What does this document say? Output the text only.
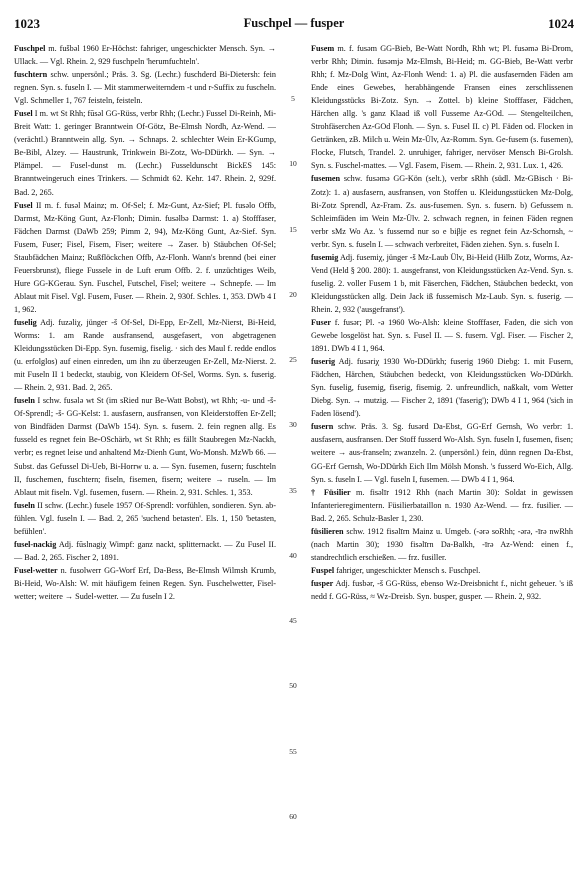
1023	Fuschpel — fusper	1024
Fuschpel m. fušbəl 1960 Er-Höchst: fahriger, ungeschickter Mensch. Syn. → Ullack. — Vgl. Rhein. 2, 929 fuschpeln 'herumfuchteln'.
fuschtern schw. unpersönl.; Präs. 3. Sg. (Lechr.) fuschderd Bi-Dietersh: fein regnen. Syn. s. fuseln I. — Mit stammerweiterndem -t und r-Suffix zu fuscheln. Vgl. Schmeller 1, 767 feisteln, feisteln.
Fusel I m. wt St Rhh; fūsəl GG-Rüss, verbr Rhh; (Lechr.) Fussel Di-Reinh, Mi-Breit Watt: 1. geringer Branntwein Of-Götz, Be-Elmsh Nordh, Az-Wend. — (verächtl.) Branntwein allg. Syn. → Schnaps. 2. schlechter Wein Er-KGump, Be-Bibl, Alzey. — Haustrunk, Trinkwein Bi-Zotz, Wo-DDürkh. — Syn. → Plämpel. — Fusel-dunst m. (Lechr.) Fusseldunscht BickES 145: Branntweingeruch eines Trinkers. — Schmidt 62. Kehr. 147. Rhein. 2, 929f. Bad. 2, 265.
Fusel II m. f. fusəl Mainz; m. Of-Sel; f. Mz-Gunt, Az-Sief; Pl. fusəlo Offb, Darmst, Mz-Köng Gunt, Az-Flonh; Dimin. fusəlbə Darmst: 1. a) Stofffaser, Fädchen Darmst (DaWb 259; Pimm 2, 94), Mz-Köng Gunt, Az-Sief. Syn. Fusem, Fuser; Fisel, Fisem, Fiser; weitere → Zaser. b) Stäubchen Of-Sel; Staubfädchen Mainz; Rußflöckchen Offb, Az-Flonh. Wann's brennd (bei einer Feuersbrunst), fliege Fussele in de Luft erum Offb. 2. f. unzüchtiges Weib, Hure GG-KGerau. Syn. Fuschel, Futschel, Fisel; weitere → Schnepfe. — Im Ablaut mit Fisel. Vgl. Fusem, Fuser. — Rhein. 2, 930f. Schles. 1, 353. DWb 4 I 1, 962.
fuselig Adj. fuzəliχ, jünger -š Of-Sel, Di-Epp, Er-Zell, Mz-Nierst, Bi-Heid, Worms: 1. am Rande ausfransend, ausgefasert, von abgetragenen Kleidungsstücken Di-Epp. Syn. fusemig, fiselig. · sich des Maul f. redde endlos (u. erfolglos) auf einen einreden, um ihn zu überzeugen Er-Zell, Mz-Nierst. 2. mit Fuseln II 1 bedeckt, staubig, von Kleidern Of-Sel, Worms. Syn. s. fuserig. — Rhein. 2, 931. Bad. 2, 265.
fuseln I schw. fusələ wt St (im sRied nur Be-Watt Bobst), wt Rhh; -u- und -š- Of-Sprendl; -š- GG-Kelst: 1. ausfasern, ausfransen, von Kleiderstoffen Er-Zell; von Bindfäden Darmst (DaWb 154). Syn. s. fusern. 2. fein regnen allg. Es fusseld es regnet fein Be-OSchärb, wt St Rhh; es fällt Staubregen Mz-Nackh, verbr; es regnet leise und anhaltend Mz-Dienh Gunt, Wo-Monsh. MzWb 66. — Subst. das Gefussel Di-Ueb, Bi-Horrw u. a. — Syn. fusemen, fusern; fuschteln II, fuschemen, fuschtern; fiseln, fisemen, fisern; weitere → ruseln. — Im Ablaut mit fiseln. Vgl. fusemen, fusern. — Rhein. 2, 931. Schles. 1, 353.
fuseln II schw. (Lechr.) fusele 1957 Of-Sprendl: vorfühlen, sondieren. Syn. ab-fühlen. Vgl. fuseln I. — Bad. 2, 265 'suchend betasten'. Els. 1, 150 'betasten, befühlen'.
fusel-nackig Adj. fūslnagiχ Wimpf: ganz nackt, splitternackt. — Zu Fusel II. — Bad. 2, 265. Fischer 2, 1891.
Fusel-wetter n. fusolwerr GG-Worf Erf, Da-Bess, Be-Elmsh Wilmsh Krumb, Bi-Heid, Wo-Alsh: W. mit häufigem feinen Regen. Syn. Fuschelwetter, Fisel-wetter; weitere → Sudel-wetter. — Zu fuseln I 2.
5
10
15
20
25
30
35
40
45
50
55
60
Fusem m. f. fusəm GG-Bieb, Be-Watt Nordh, Rhh wt; Pl. fusəmə Bi-Drom, verbr Rhh; Dimin. fusəmjə Mz-Elmsh, Bi-Heid; m. GG-Bieb, Be-Watt verbr Rhh; f. Mz-Dolg Wint, Az-Flonh Wend: 1. a) Pl. die ausfasernden Fäden am Ende eines Gewebes, herabhängende Fransen eines zerschlissenen Kleidungsstücks Bi-Zotz. Syn. → Zottel. b) kleine Stofffaser, Fädchen, Härchen allg. 's ganz Klaad iß voll Fusseme Az-GOd. — Stengelteilchen, Strohfäserchen Az-GOd Flonh. — Syn. s. Fusel II. c) Pl. Fäden od. Flocken in Getränken, zB. Milch u. Wein Mz-Ülv, Az-Romm. Syn. Ge-fusem (s. fusemen), Flocke, Flutsch, Trandel. 2. unruhiger, fahriger, nervöser Mensch Bi-Grolsh. Syn. s. Fuschel-mattes. — Vgl. Fasem, Fisem. — Rhein. 2, 931. Lux. 1, 426.
fusemen schw. fusəmə GG-Kön (selt.), verbr sRhh (südl. Mz-GBisch · Bi-Zotz): 1. a) ausfasern, ausfransen, von Stoffen u. Kleidungsstücken Mz-Dolg, Bi-Zotz Sprendl, Az-Fram. Zs. aus-fusemen. Syn. s. fusern. b) Gefussem n. Schleimfäden im Wein Mz-Ülv. 2. schwach regnen, in feinen Fäden regnen verbr sMz Wo Az. 's fussemd nur so e biβje es regnet fein Az-Schornsh, ~ verbr. Syn. s. fuseln I. — schwach verbreitet, Fäden ziehen. Syn. s. fuseln I.
fusemig Adj. fusemiχ, jünger -š Mz-Laub Ülv, Bi-Heid (Hilb Zotz, Worms, Az-Vend (Held § 200. 280): 1. ausgefranst, von Kleidungsstücken Az-Vend. Syn. s. fuselig. 2. voller Fusem 1 b, mit Fäserchen, Fädchen, Stäubchen bedeckt, von Kleidungsstücken allg. Dein Jack iß fussemisch Mz-Laub. Syn. s. fuserig. — Rhein. 2, 932 ('ausgefranst').
Fuser f. fusər; Pl. -ə 1960 Wo-Alsh: kleine Stofffaser, Faden, die sich von Gewebe losgelöst hat. Syn. s. Fusel II. — S. fusern. Vgl. Fiser. — Fischer 2, 1891. DWb 4 I 1, 964.
fuserig Adj. fusəriχ 1930 Wo-DDürkh; fuserig 1960 Diebg: 1. mit Fusern, Fädchen, Härchen, Stäubchen bedeckt, von Kleidungsstücken Wo-DDürkh. Syn. fuselig, fusemig, fiserig, fisemig. 2. unfreundlich, naßkalt, vom Wetter Diebg. Syn. → mutzig. — Fischer 2, 1891 ('faserig'); DWb 4 I 1, 964 ('sich in Faden lösend').
fusern schw. Präs. 3. Sg. fusərd Da-Ebst, GG-Erf Gernsh, Wo verbr: 1. ausfasern, ausfransen. Der Stoff fusserd Wo-Alsh. Syn. fuseln I, fusemen, fisen; weitere → aus-franseln; zwanzeln. 2. (unpersönl.) fein, dünn regnen Da-Ebst, GG-Erf Gernsh, Wo-DDürkh Eich Ilm Mölsh Monsh. 's fusserd Wo-Eich, Allg. Syn. s. fuseln I. — Vgl. fuseln I, fusemen. — DWb 4 I 1, 964.
† Füsilier m. fisəlīr 1912 Rhh (nach Martin 30): Soldat in gewissen Infanterieregimentern. Füsilierbataillon n. 1930 Az-Wend. — frz. fusilier. — Bad. 2, 265. Schulz-Basler 1, 230.
füsilieren schw. 1912 fisəlīrn Mainz u. Umgeb. (-ərə soRhh; -ərə, -īrə nwRhh (nach Martin 30); 1930 fisəlīrn Da-Balkh, -īrə Az-Wend: einen f., standrechtlich erschießen. — frz. fusiller.
Fuspel fahriger, ungeschickter Mensch s. Fuschpel.
fusper Adj. fusbər, -š GG-Rüss, ebenso Wz-Dreisbnicht f., nicht geheuer. 's iß nedd f. GG-Rüss, ≈ Wz-Dreisb. Syn. busper, gusper. — Rhein. 2, 932.
